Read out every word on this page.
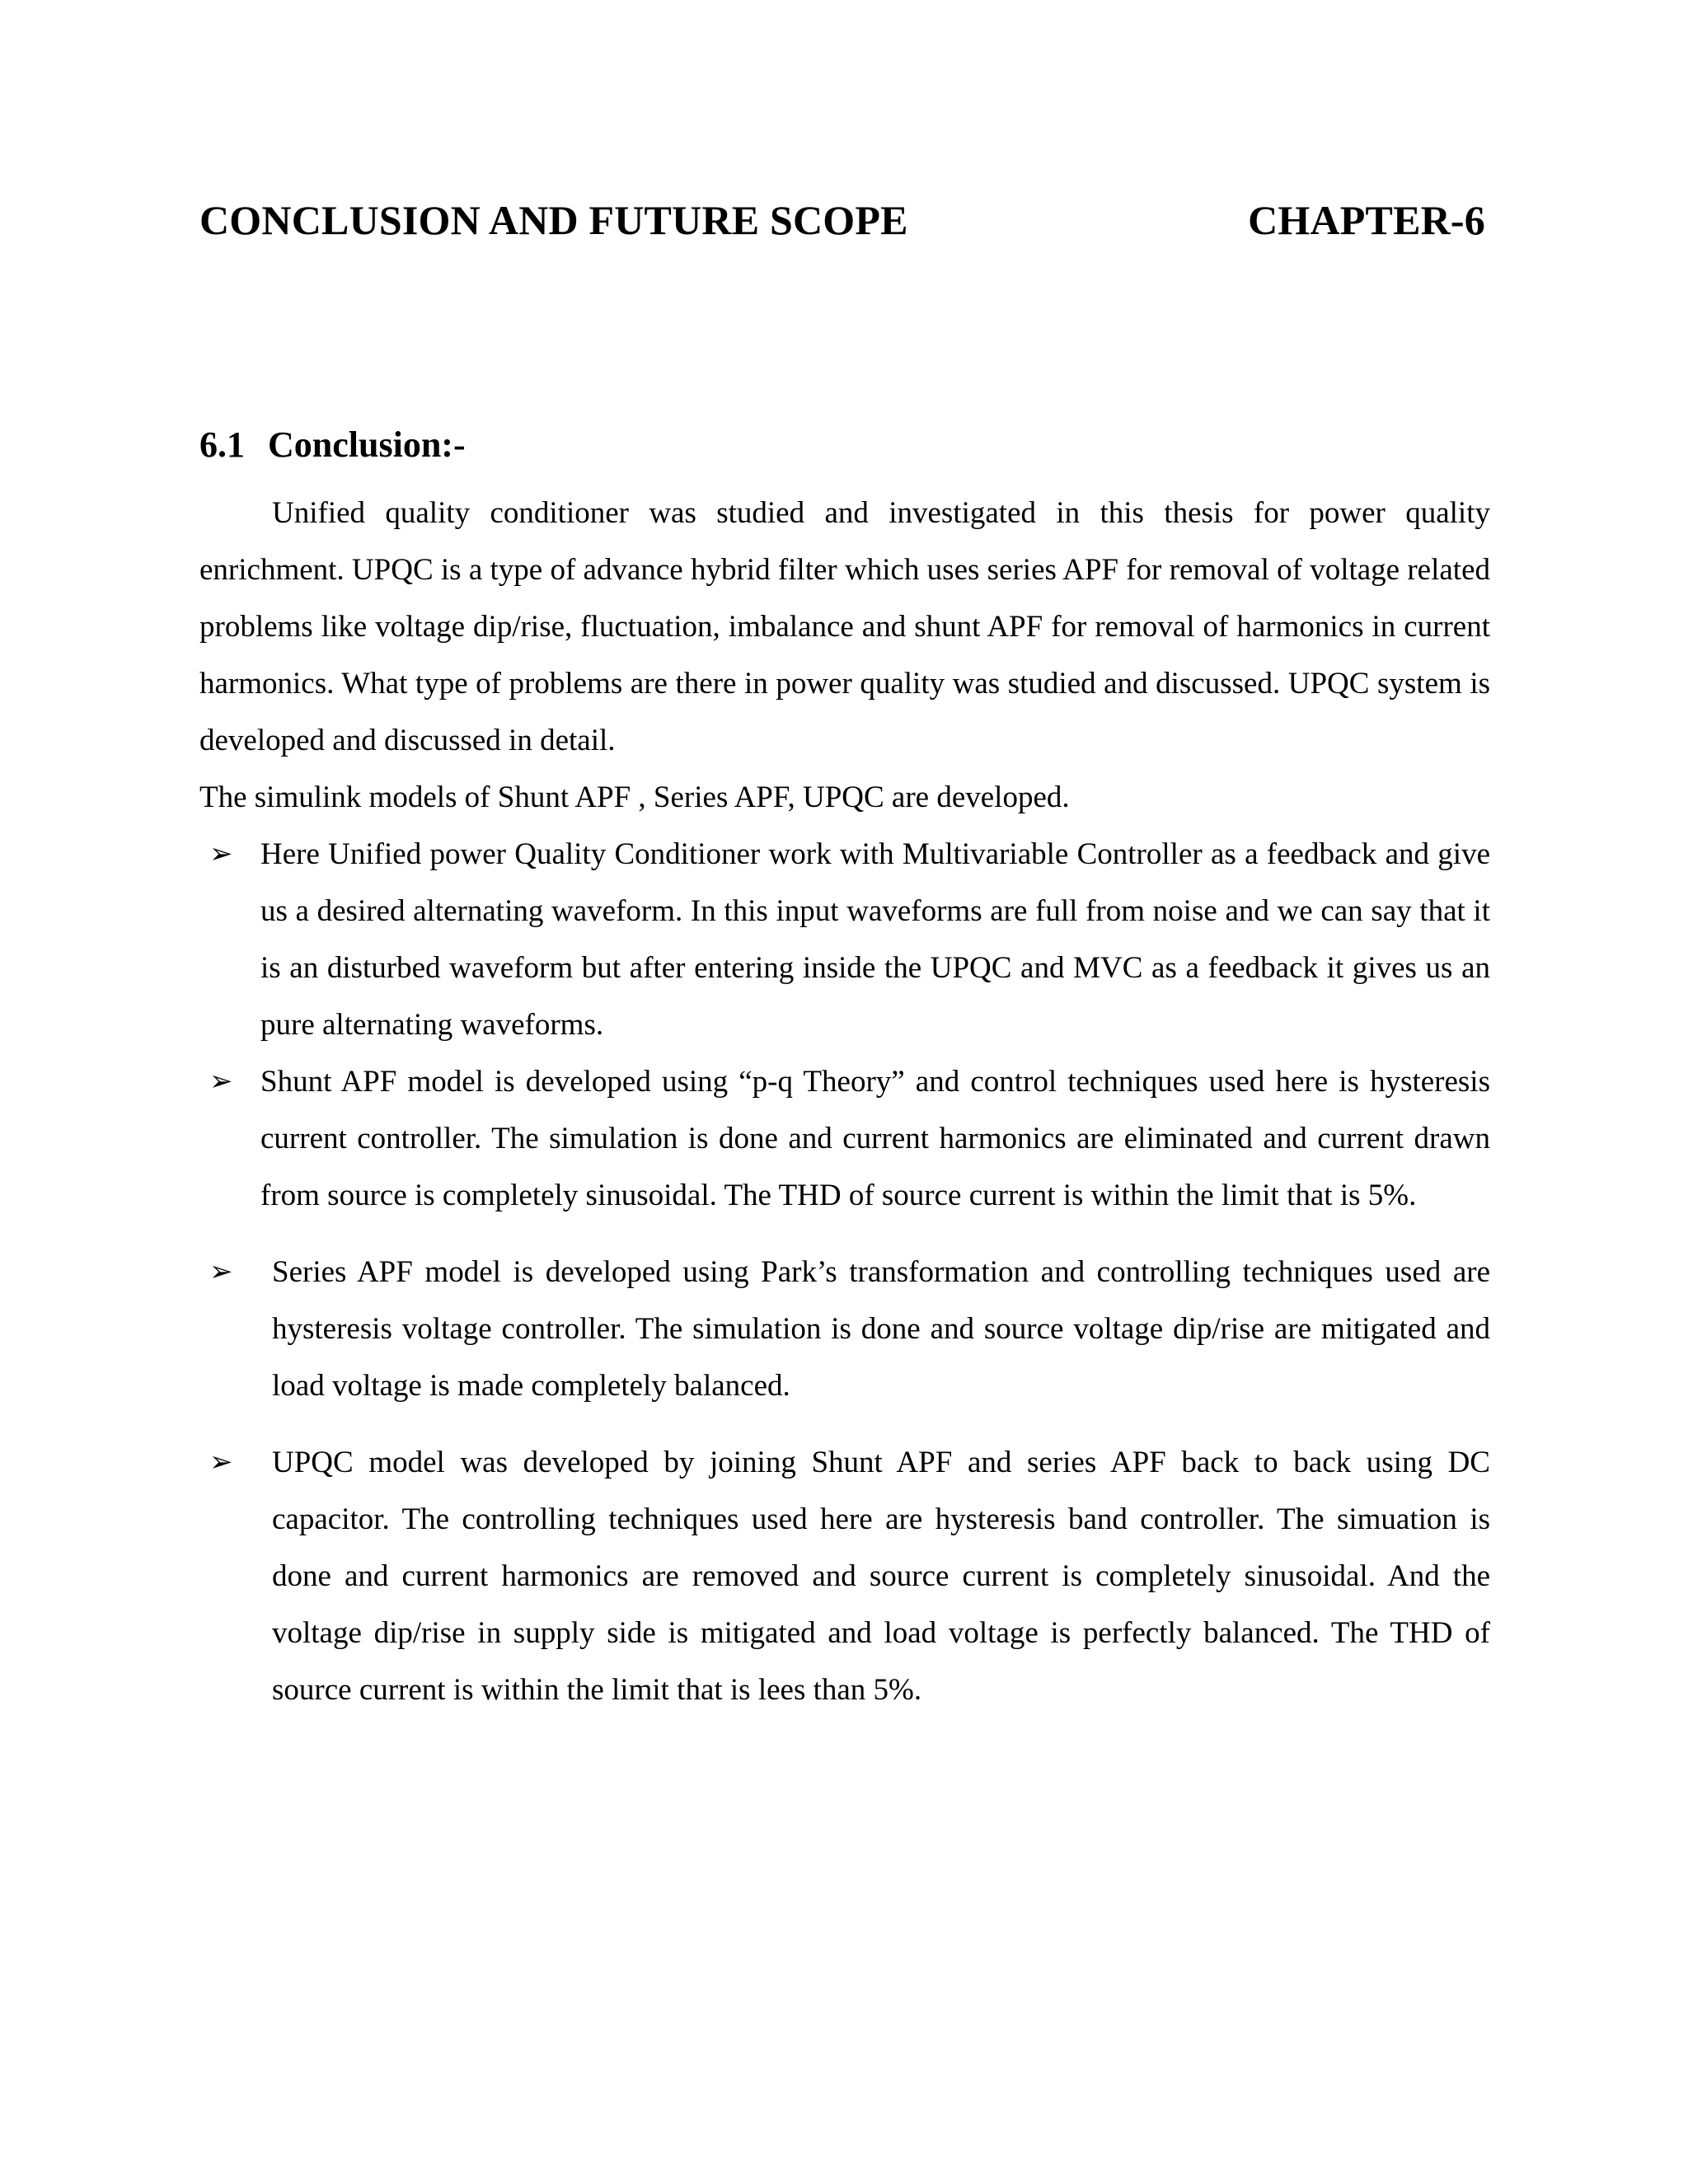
CONCLUSION AND FUTURE SCOPE	CHAPTER-6
6.1 Conclusion:-

Unified quality conditioner was studied and investigated in this thesis for power quality enrichment. UPQC is a type of advance hybrid filter which uses series APF for removal of voltage related problems like voltage dip/rise, fluctuation, imbalance and shunt APF for removal of harmonics in current harmonics. What type of problems are there in power quality was studied and discussed. UPQC system is developed and discussed in detail.

The simulink models of Shunt APF , Series APF, UPQC are developed.

➢ Here Unified power Quality Conditioner work with Multivariable Controller as a feedback and give us a desired alternating waveform. In this input waveforms are full from noise and we can say that it is an disturbed waveform but after entering inside the UPQC and MVC as a feedback it gives us an pure alternating waveforms.
➢ Shunt APF model is developed using “p-q Theory” and control techniques used here is hysteresis current controller. The simulation is done and current harmonics are eliminated and current drawn from source is completely sinusoidal. The THD of source current is within the limit that is 5%.
➢ Series APF model is developed using Park’s transformation and controlling techniques used are hysteresis voltage controller. The simulation is done and source voltage dip/rise are mitigated and load voltage is made completely balanced.
➢ UPQC model was developed by joining Shunt APF and series APF back to back using DC capacitor. The controlling techniques used here are hysteresis band controller. The simuation is done and current harmonics are removed and source current is completely sinusoidal. And the voltage dip/rise in supply side is mitigated and load voltage is perfectly balanced. The THD of source current is within the limit that is lees than 5%.
